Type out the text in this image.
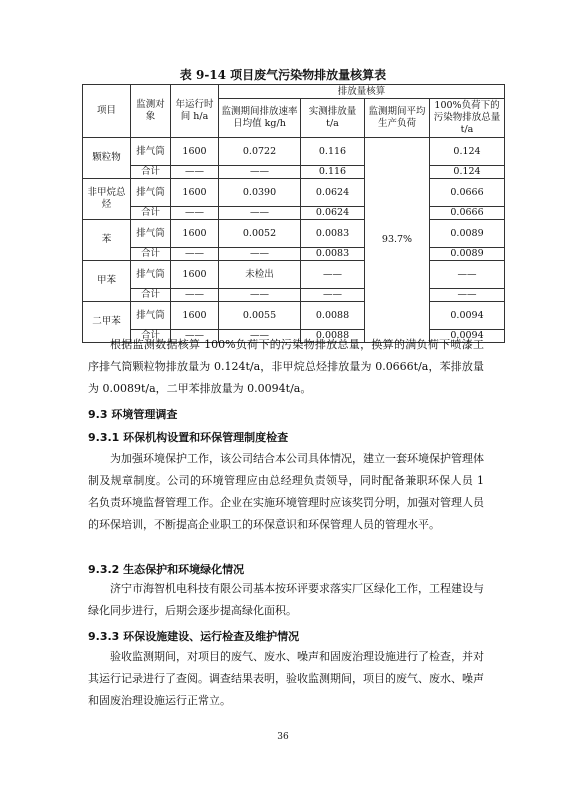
表 9-14 项目废气污染物排放量核算表
项目	监测对象	年运行时间 h/a	排放量核算			
			监测期间排放速率日均值 kg/h	实测排放量 t/a	监测期间平均生产负荷	100%负荷下的污染物排放总量 t/a
颗粒物	排气筒	1600	0.0722	0.116	93.7%	0.124
	合计	——	——	0.116		0.124
非甲烷总烃	排气筒	1600	0.0390	0.0624		0.0666
	合计	——	——	0.0624		0.0666
苯	排气筒	1600	0.0052	0.0083		0.0089
	合计	——	——	0.0083		0.0089
甲苯	排气筒	1600	未检出	——		——
	合计	——	——	——		——
二甲苯	排气筒	1600	0.0055	0.0088		0.0094
	合计	——	——	0.0088		0.0094
根据监测数据核算 100%负荷下的污染物排放总量，换算的满负荷下喷漆工序排气筒颗粒物排放量为 0.124t/a，非甲烷总烃排放量为 0.0666t/a，苯排放量为 0.0089t/a，二甲苯排放量为 0.0094t/a。
9.3 环境管理调查
9.3.1 环保机构设置和环保管理制度检查
为加强环境保护工作，该公司结合本公司具体情况，建立一套环境保护管理体制及规章制度。公司的环境管理应由总经理负责领导，同时配备兼职环保人员 1 名负责环境监督管理工作。企业在实施环境管理时应该奖罚分明，加强对管理人员的环保培训，不断提高企业职工的环保意识和环保管理人员的管理水平。
9.3.2 生态保护和环境绿化情况
济宁市海智机电科技有限公司基本按环评要求落实厂区绿化工作，工程建设与绿化同步进行，后期会逐步提高绿化面积。
9.3.3 环保设施建设、运行检查及维护情况
验收监测期间，对项目的废气、废水、噪声和固废治理设施进行了检查，并对其运行记录进行了查阅。调查结果表明，验收监测期间，项目的废气、废水、噪声和固废治理设施运行正常立。
36
